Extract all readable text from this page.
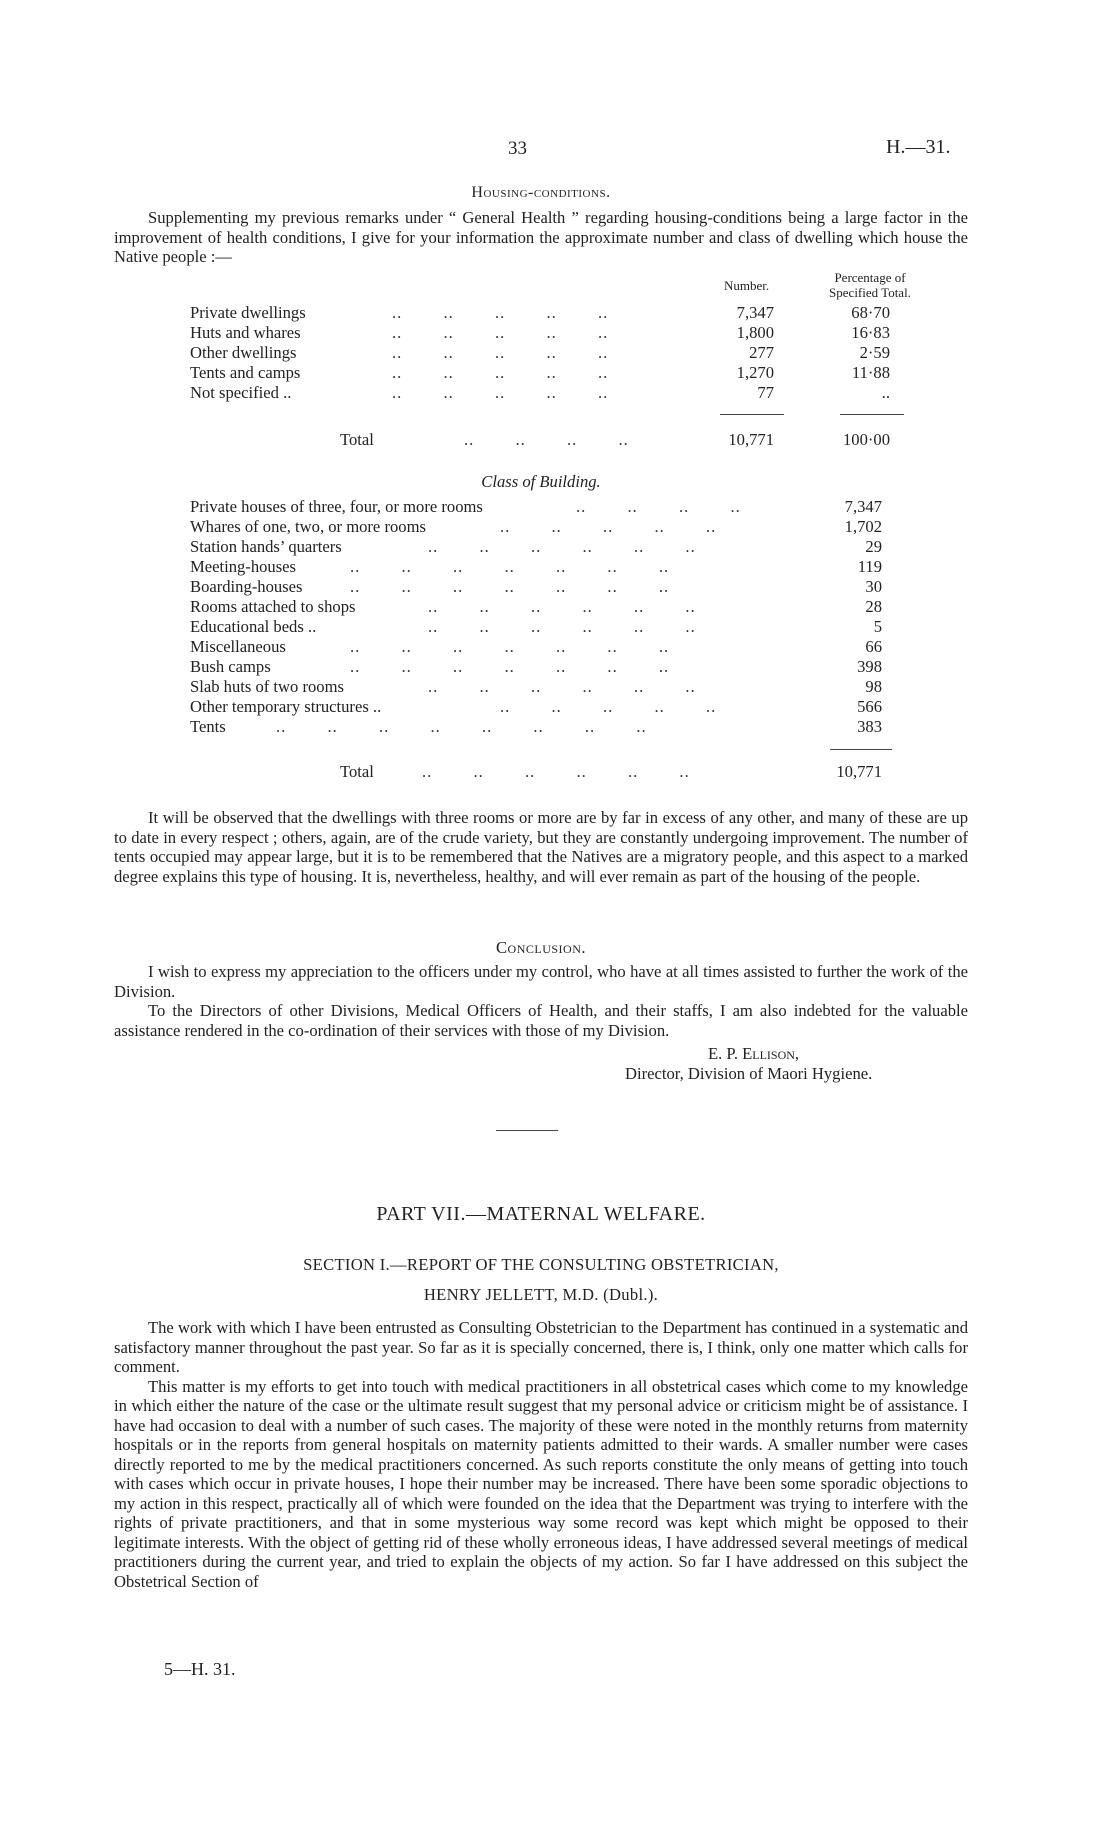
33	H.—31.
Housing-conditions.

Supplementing my previous remarks under “ General Health ” regarding housing-conditions being a large factor in the improvement of health conditions, I give for your information the approximate number and class of dwelling which house the Native people :—

Number.
Percentage of
Specified Total.
Private dwellings	..        ..        ..        ..        ..	7,347	68·70
Huts and whares	..        ..        ..        ..        ..	1,800	16·83
Other dwellings	..        ..        ..        ..        ..	277	2·59
Tents and camps	..        ..        ..        ..        ..	1,270	11·88
Not specified ..	..        ..        ..        ..        ..	77	..
Total	..        ..        ..        ..	10,771	100·00
Class of Building.
Private houses of three, four, or more rooms	..        ..        ..        ..	7,347
Whares of one, two, or more rooms	..        ..        ..        ..        ..	1,702
Station hands’ quarters	..        ..        ..        ..        ..        ..	29
Meeting-houses	..        ..        ..        ..        ..        ..        ..	119
Boarding-houses	..        ..        ..        ..        ..        ..        ..	30
Rooms attached to shops	..        ..        ..        ..        ..        ..	28
Educational beds ..	..        ..        ..        ..        ..        ..	5
Miscellaneous	..        ..        ..        ..        ..        ..        ..	66
Bush camps	..        ..        ..        ..        ..        ..        ..	398
Slab huts of two rooms	..        ..        ..        ..        ..        ..	98
Other temporary structures ..	..        ..        ..        ..        ..	566
Tents	..        ..        ..        ..        ..        ..        ..        ..	383
Total	..        ..        ..        ..        ..        ..	10,771

It will be observed that the dwellings with three rooms or more are by far in excess of any other, and many of these are up to date in every respect ; others, again, are of the crude variety, but they are constantly undergoing improvement. The number of tents occupied may appear large, but it is to be remembered that the Natives are a migratory people, and this aspect to a marked degree explains this type of housing. It is, nevertheless, healthy, and will ever remain as part of the housing of the people.

Conclusion.

I wish to express my appreciation to the officers under my control, who have at all times assisted to further the work of the Division.

To the Directors of other Divisions, Medical Officers of Health, and their staffs, I am also indebted for the valuable assistance rendered in the co-ordination of their services with those of my Division.

E. P. Ellison,
Director, Division of Maori Hygiene.
PART VII.—MATERNAL WELFARE.
SECTION I.—REPORT OF THE CONSULTING OBSTETRICIAN,
HENRY JELLETT, M.D. (Dubl.).

The work with which I have been entrusted as Consulting Obstetrician to the Department has continued in a systematic and satisfactory manner throughout the past year. So far as it is specially concerned, there is, I think, only one matter which calls for comment.

This matter is my efforts to get into touch with medical practitioners in all obstetrical cases which come to my knowledge in which either the nature of the case or the ultimate result suggest that my personal advice or criticism might be of assistance. I have had occasion to deal with a number of such cases. The majority of these were noted in the monthly returns from maternity hospitals or in the reports from general hospitals on maternity patients admitted to their wards. A smaller number were cases directly reported to me by the medical practitioners concerned. As such reports constitute the only means of getting into touch with cases which occur in private houses, I hope their number may be increased. There have been some sporadic objections to my action in this respect, practically all of which were founded on the idea that the Department was trying to interfere with the rights of private practitioners, and that in some mysterious way some record was kept which might be opposed to their legitimate interests. With the object of getting rid of these wholly erroneous ideas, I have addressed several meetings of medical practitioners during the current year, and tried to explain the objects of my action. So far I have addressed on this subject the Obstetrical Section of

5—H. 31.
